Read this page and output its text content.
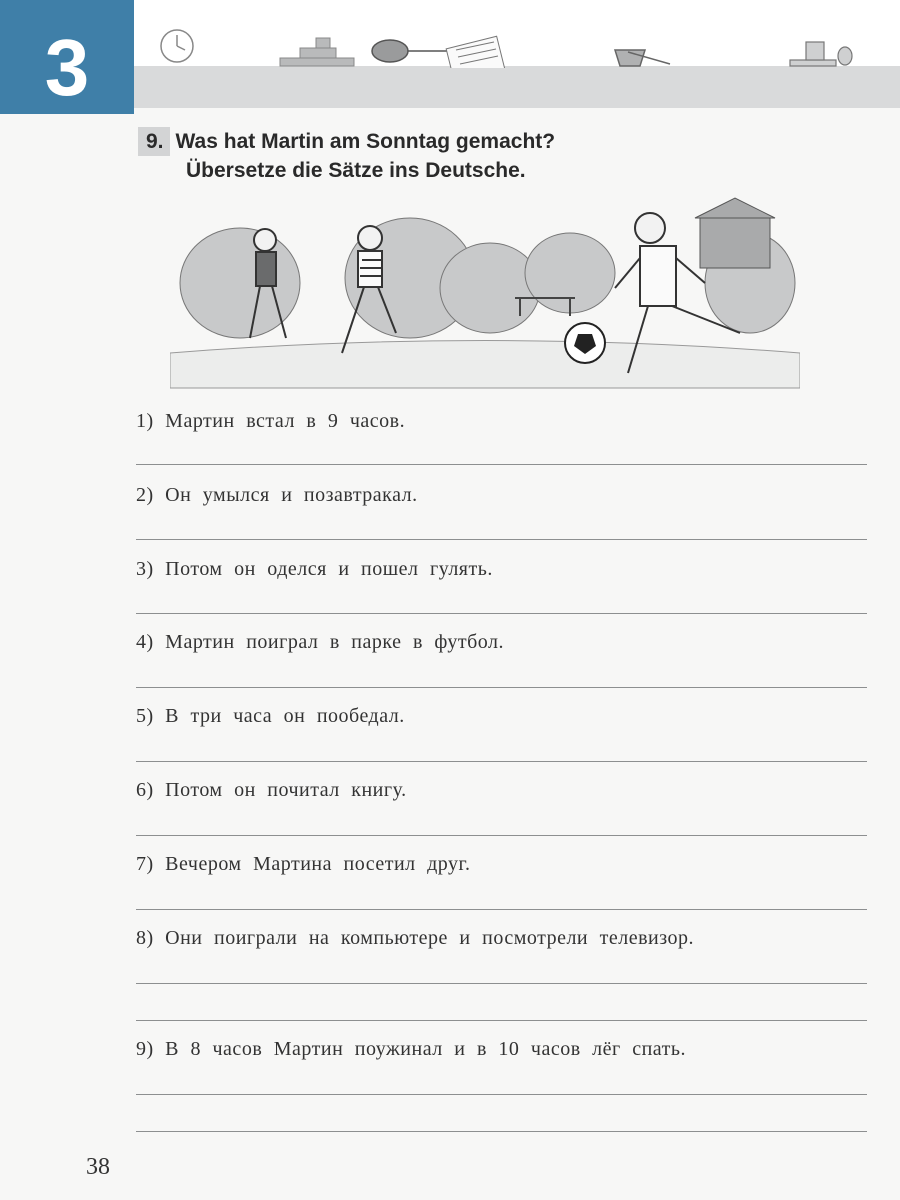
3
9. Was hat Martin am Sonntag gemacht?
Übersetze die Sätze ins Deutsche.
1) Мартин встал в 9 часов.
2) Он умылся и позавтракал.
3) Потом он оделся и пошел гулять.
4) Мартин поиграл в парке в футбол.
5) В три часа он пообедал.
6) Потом он почитал книгу.
7) Вечером Мартина посетил друг.
8) Они поиграли на компьютере и посмотрели телевизор.
9) В 8 часов Мартин поужинал и в 10 часов лёг спать.
38
